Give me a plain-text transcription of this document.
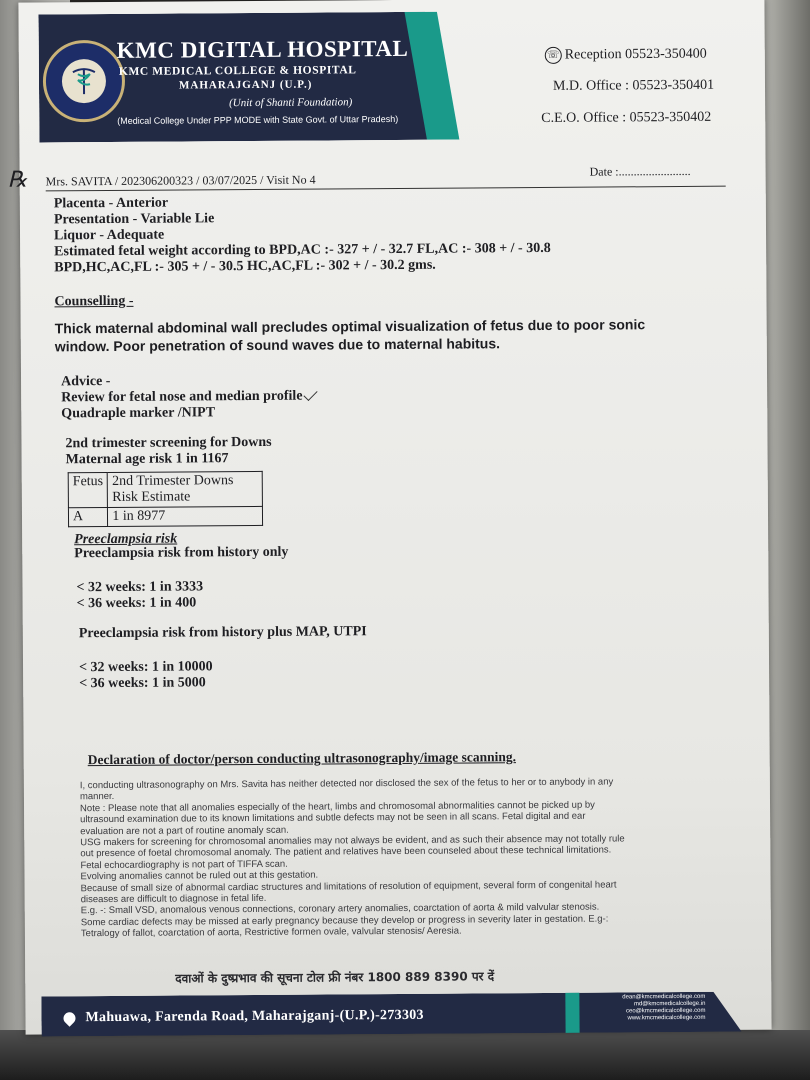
KMC DIGITAL HOSPITAL
KMC MEDICAL COLLEGE & HOSPITAL
MAHARAJGANJ (U.P.)
(Unit of Shanti Foundation)
(Medical College Under PPP MODE with State Govt. of Uttar Pradesh)
☏ Reception 05523-350400
M.D. Office : 05523-350401
C.E.O. Office : 05523-350402
℞ Mrs. SAVITA / 202306200323 / 03/07/2025 / Visit No 4
Date :........................
Placenta - Anterior
Presentation - Variable Lie
Liquor - Adequate
Estimated fetal weight according to BPD,AC :- 327 + / - 32.7 FL,AC :- 308 + / - 30.8
BPD,HC,AC,FL :- 305 + / - 30.5 HC,AC,FL :- 302 + / - 30.2 gms.
Counselling -
Thick maternal abdominal wall precludes optimal visualization of fetus due to poor sonic
window. Poor penetration of sound waves due to maternal habitus.
Advice -
Review for fetal nose and median profile
Quadraple marker /NIPT
2nd trimester screening for Downs
Maternal age risk 1 in 1167
Fetus	2nd Trimester Downs
Risk Estimate
A	1 in 8977
Preeclampsia risk
Preeclampsia risk from history only
< 32 weeks: 1 in 3333
< 36 weeks: 1 in 400
Preeclampsia risk from history plus MAP, UTPI
< 32 weeks: 1 in 10000
< 36 weeks: 1 in 5000
Declaration of doctor/person conducting ultrasonography/image scanning.

I, conducting ultrasonography on Mrs. Savita has neither detected nor disclosed the sex of the fetus to her or to anybody in any

manner.

Note : Please note that all anomalies especially of the heart, limbs and chromosomal abnormalities cannot be picked up by

ultrasound examination due to its known limitations and subtle defects may not be seen in all scans. Fetal digital and ear

evaluation are not a part of routine anomaly scan.

USG makers for screening for chromosomal anomalies may not always be evident, and as such their absence may not totally rule

out presence of foetal chromosomal anomaly. The patient and relatives have been counseled about these technical limitations.

Fetal echocardiography is not part of TIFFA scan.

Evolving anomalies cannot be ruled out at this gestation.

Because of small size of abnormal cardiac structures and limitations of resolution of equipment, several form of congenital heart

diseases are difficult to diagnose in fetal life.

E.g. -: Small VSD, anomalous venous connections, coronary artery anomalies, coarctation of aorta & mild valvular stenosis.

Some cardiac defects may be missed at early pregnancy because they develop or progress in severity later in gestation. E.g-:

Tetralogy of fallot, coarctation of aorta, Restrictive formen ovale, valvular stenosis/ Aeresia.

दवाओं के दुष्प्रभाव की सूचना टोल फ्री नंबर 1800 889 8390 पर दें
Mahuawa, Farenda Road, Maharajganj-(U.P.)-273303
dean@kmcmedicalcollege.com
md@kmcmedicalcollege.in
ceo@kmcmedicalcollege.com
www.kmcmedicalcollege.com
